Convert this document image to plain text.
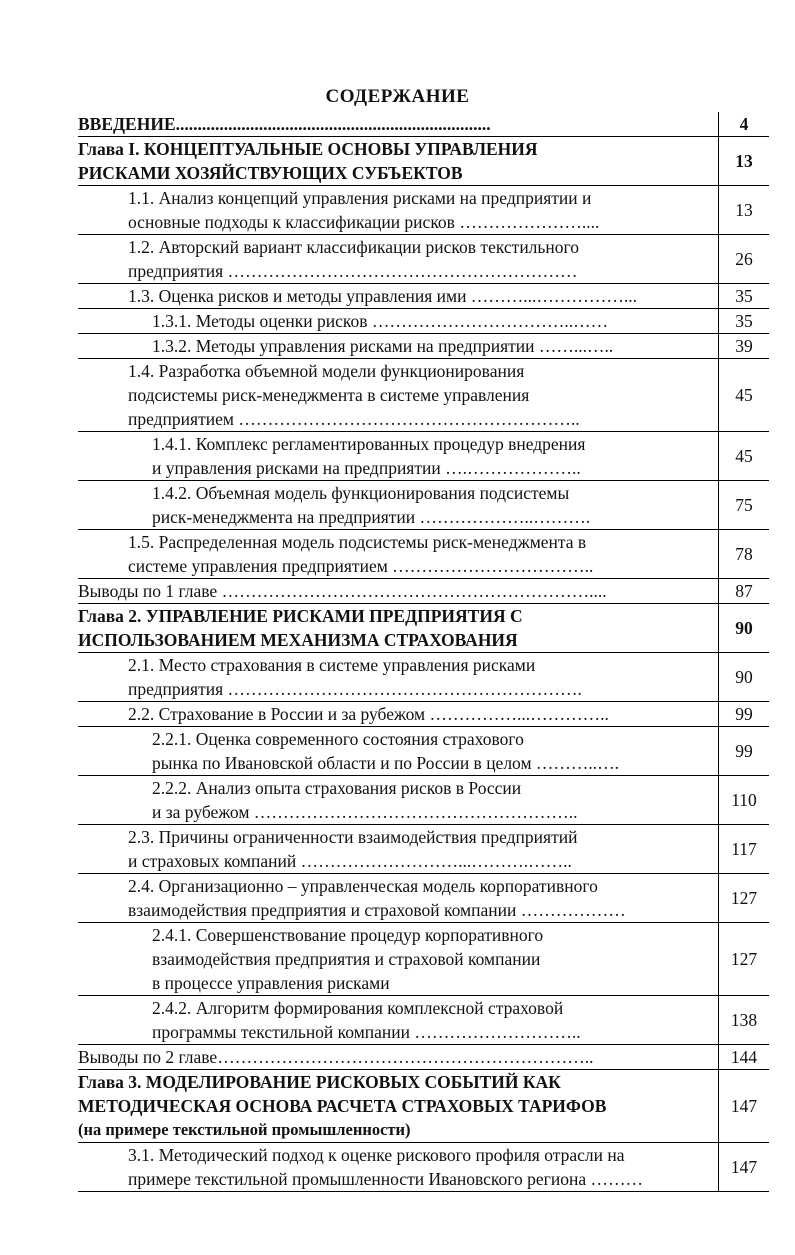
СОДЕРЖАНИЕ
ВВЕДЕНИЕ........................................................................	4

Глава I. КОНЦЕПТУАЛЬНЫЕ ОСНОВЫ УПРАВЛЕНИЯ
РИСКАМИ ХОЗЯЙСТВУЮЩИХ СУБЪЕКТОВ	13

1.1. Анализ концепций управления рисками на предприятии и
основные подходы к классификации рисков …………………....	13

1.2. Авторский вариант классификации рисков текстильного
предприятия ……………………………………………………	26

1.3. Оценка рисков и методы управления ими ………...……………...	35

1.3.1. Методы оценки рисков ……………………………..……	35

1.3.2. Методы управления рисками на предприятии ……...…..	39

1.4. Разработка объемной модели функционирования
подсистемы риск-менеджмента в системе управления
предприятием …………………………………………………..	45

1.4.1. Комплекс регламентированных процедур внедрения
и управления рисками на предприятии ….………………..	45

1.4.2. Объемная модель функционирования подсистемы
риск-менеджмента на предприятии ………………..……….	75

1.5. Распределенная модель подсистемы риск-менеджмента в
системе управления предприятием ……………………………..	78

Выводы по 1 главе ………………………………………………………....	87

Глава 2. УПРАВЛЕНИЕ РИСКАМИ ПРЕДПРИЯТИЯ С
ИСПОЛЬЗОВАНИЕМ МЕХАНИЗМА СТРАХОВАНИЯ	90

2.1. Место страхования в системе управления рисками
предприятия …………………………………………………….	90

2.2. Страхование в России и за рубежом ……………...…………..	99

2.2.1. Оценка современного состояния страхового
рынка по Ивановской области и по России в целом ………..….	99

2.2.2. Анализ опыта страхования рисков в России
и за рубежом ………………………………………………..	110

2.3. Причины ограниченности взаимодействия предприятий
и страховых компаний ………………………...……….……..	117

2.4. Организационно – управленческая модель корпоративного
взаимодействия предприятия и страховой компании ………………	127

2.4.1. Совершенствование процедур корпоративного
взаимодействия предприятия и страховой компании
в процессе управления рисками	127

2.4.2. Алгоритм формирования комплексной страховой
программы текстильной компании ………………………..	138

Выводы по 2 главе………………………………………………………..	144

Глава 3. МОДЕЛИРОВАНИЕ РИСКОВЫХ СОБЫТИЙ КАК
МЕТОДИЧЕСКАЯ ОСНОВА РАСЧЕТА СТРАХОВЫХ ТАРИФОВ
(на примере текстильной промышленности)	147

3.1. Методический подход к оценке рискового профиля отрасли на
примере текстильной промышленности Ивановского региона ………	147
